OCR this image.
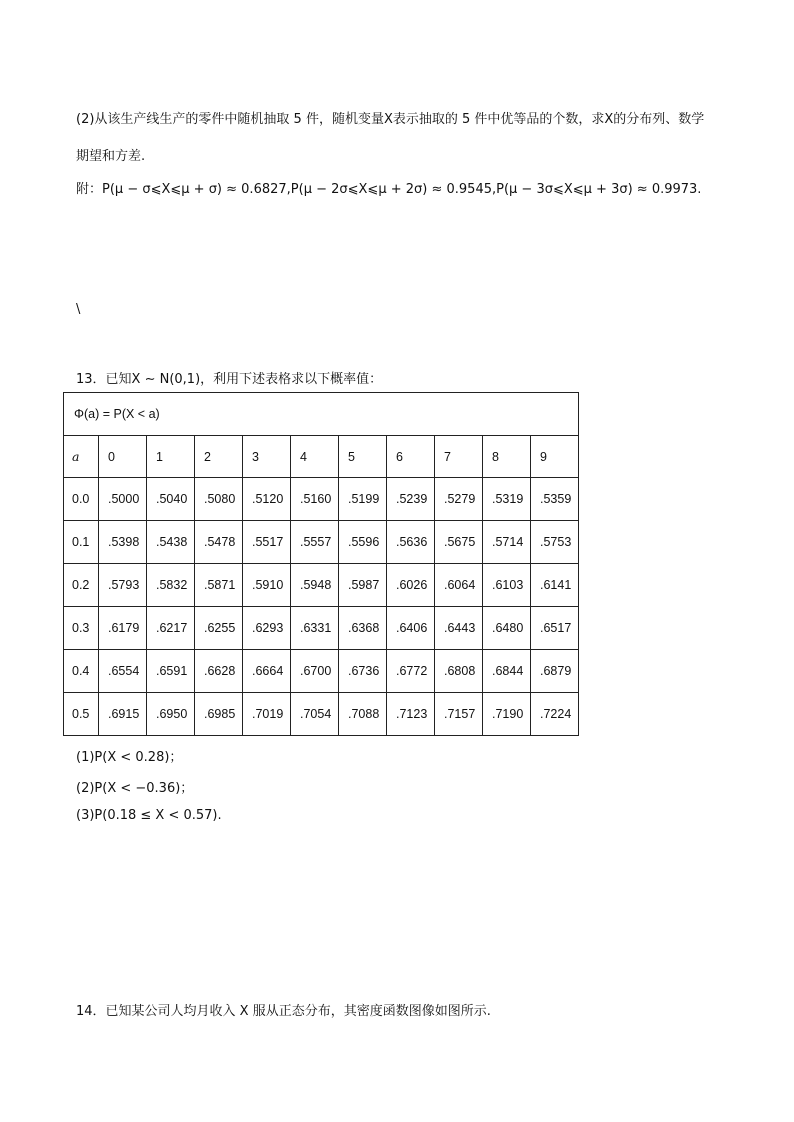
(2)从该生产线生产的零件中随机抽取 5 件，随机变量X表示抽取的 5 件中优等品的个数，求X的分布列、数学
期望和方差.
附：P(μ − σ⩽X⩽μ + σ) ≈ 0.6827,P(μ − 2σ⩽X⩽μ + 2σ) ≈ 0.9545,P(μ − 3σ⩽X⩽μ + 3σ) ≈ 0.9973.
\
13．已知X ∼ N(0,1)，利用下述表格求以下概率值：
Φ(a) = P(X < a)										
a	0	1	2	3	4	5	6	7	8	9
0.0	.5000	.5040	.5080	.5120	.5160	.5199	.5239	.5279	.5319	.5359
0.1	.5398	.5438	.5478	.5517	.5557	.5596	.5636	.5675	.5714	.5753
0.2	.5793	.5832	.5871	.5910	.5948	.5987	.6026	.6064	.6103	.6141
0.3	.6179	.6217	.6255	.6293	.6331	.6368	.6406	.6443	.6480	.6517
0.4	.6554	.6591	.6628	.6664	.6700	.6736	.6772	.6808	.6844	.6879
0.5	.6915	.6950	.6985	.7019	.7054	.7088	.7123	.7157	.7190	.7224
(1)P(X < 0.28)；
(2)P(X < −0.36)；
(3)P(0.18 ≤ X < 0.57).
14．已知某公司人均月收入 X 服从正态分布，其密度函数图像如图所示.
